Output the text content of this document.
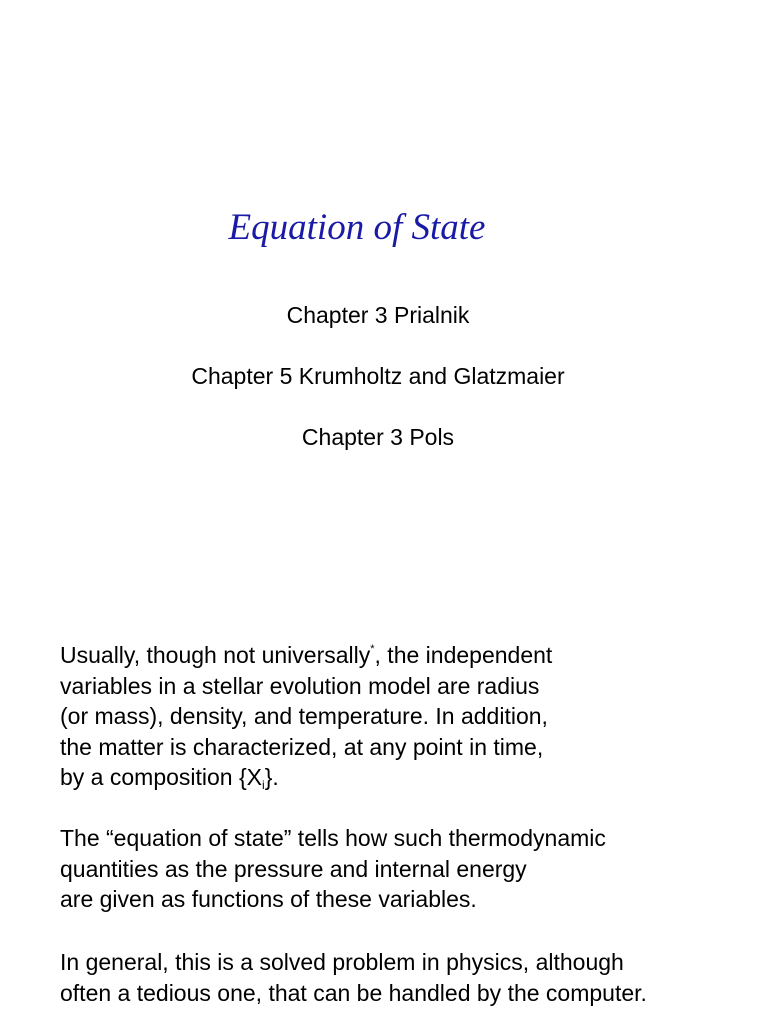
Equation of State
Chapter 3 Prialnik
Chapter 5 Krumholtz and Glatzmaier
Chapter 3 Pols
Usually, though not universally*, the independent
variables in a stellar evolution model are radius
(or mass), density, and temperature. In addition,
the matter is characterized, at any point in time,
by a composition $\{X_i\}$.
The “equation of state” tells how such thermodynamic
quantities as the pressure and internal energy
are given as functions of these variables.
In general, this is a solved problem in physics, although
often a tedious one, that can be handled by the computer.
